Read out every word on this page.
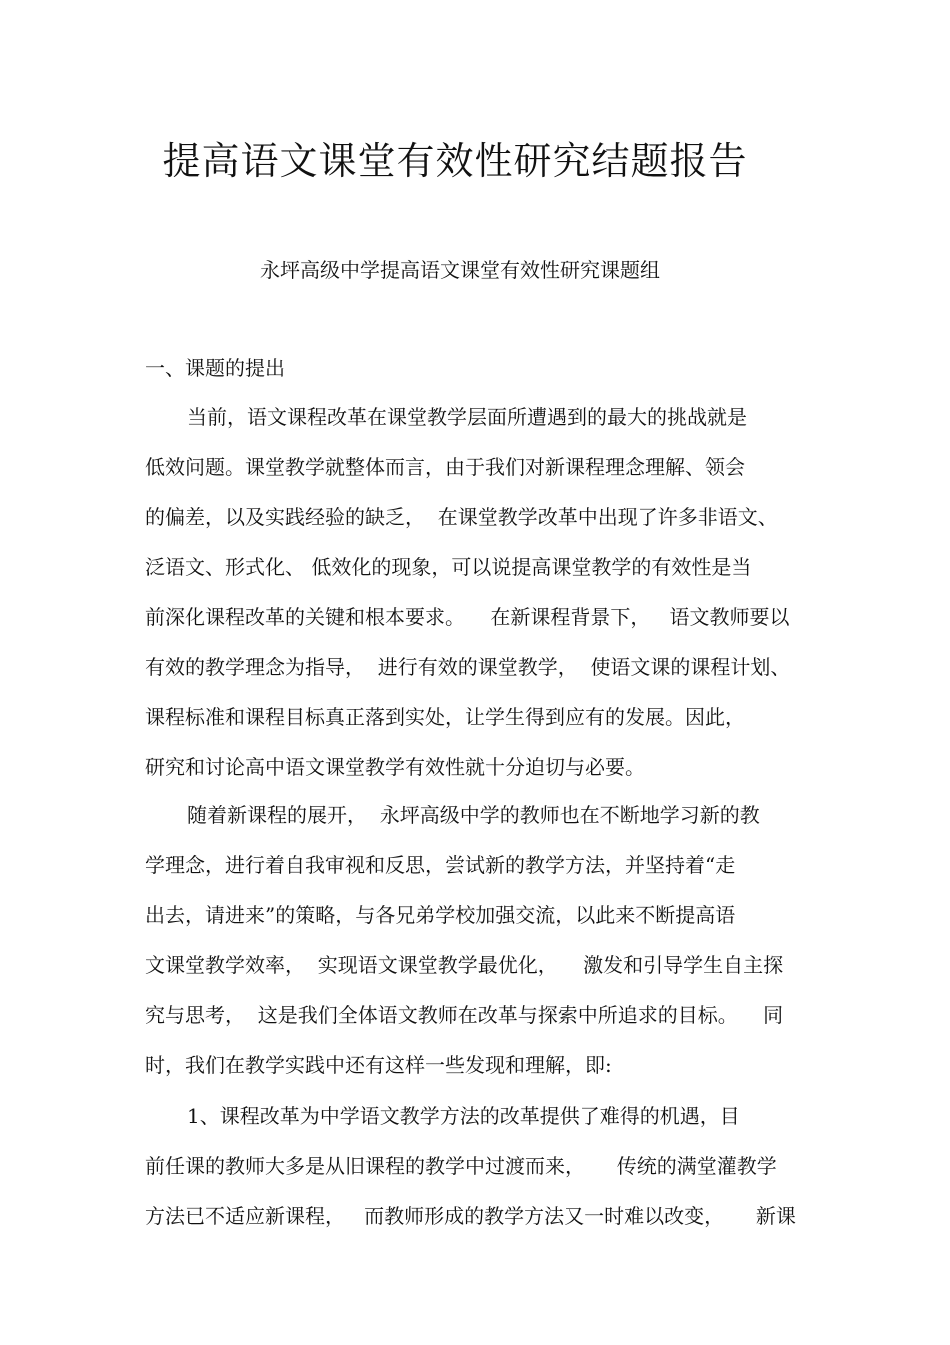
提高语文课堂有效性研究结题报告
永坪高级中学提高语文课堂有效性研究课题组
一、课题的提出
当前，语文课程改革在课堂教学层面所遭遇到的最大的挑战就是
低效问题。课堂教学就整体而言，由于我们对新课程理念理解、领会
的偏差，以及实践经验的缺乏，  在课堂教学改革中出现了许多非语文、
泛语文、形式化、 低效化的现象，可以说提高课堂教学的有效性是当
前深化课程改革的关键和根本要求。    在新课程背景下，   语文教师要以
有效的教学理念为指导，  进行有效的课堂教学，  使语文课的课程计划、
课程标准和课程目标真正落到实处，让学生得到应有的发展。因此，
研究和讨论高中语文课堂教学有效性就十分迫切与必要。
随着新课程的展开，  永坪高级中学的教师也在不断地学习新的教
学理念，进行着自我审视和反思，尝试新的教学方法，并坚持着“走
出去，请进来”的策略，与各兄弟学校加强交流，以此来不断提高语
文课堂教学效率，  实现语文课堂教学最优化，    激发和引导学生自主探
究与思考，  这是我们全体语文教师在改革与探索中所追求的目标。    同
时，我们在教学实践中还有这样一些发现和理解，即:
1、课程改革为中学语文教学方法的改革提供了难得的机遇，目
前任课的教师大多是从旧课程的教学中过渡而来，     传统的满堂灌教学
方法已不适应新课程，   而教师形成的教学方法又一时难以改变，     新课
